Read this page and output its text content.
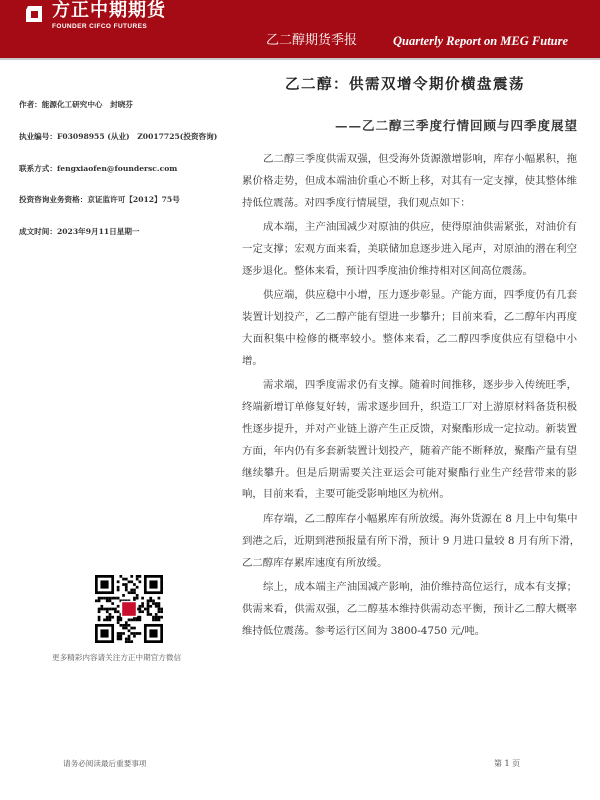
方正中期期货
FOUNDER CIFCO FUTURES
乙二醇期货季报	Quarterly Report on MEG Future
乙二醇：供需双增令期价横盘震荡
——乙二醇三季度行情回顾与四季度展望
作者：能源化工研究中心　封晓芬
执业编号：F03098955 (从业)　Z0017725(投资咨询)
联系方式：fengxiaofen@foundersc.com
投资咨询业务资格：京证监许可【2012】75号
成文时间：2023年9月11日星期一
乙二醇三季度供需双强，但受海外货源激增影响，库存小幅累积，拖
累价格走势，但成本端油价重心不断上移，对其有一定支撑，使其整体维
持低位震荡。对四季度行情展望，我们观点如下：
成本端，主产油国减少对原油的供应，使得原油供需紧张，对油价有
一定支撑；宏观方面来看，美联储加息逐步进入尾声，对原油的潜在利空
逐步退化。整体来看，预计四季度油价维持相对区间高位震荡。
供应端，供应稳中小增，压力逐步彰显。产能方面，四季度仍有几套
装置计划投产，乙二醇产能有望进一步攀升；目前来看，乙二醇年内再度
大面积集中检修的概率较小。整体来看，乙二醇四季度供应有望稳中小
增。
需求端，四季度需求仍有支撑。随着时间推移，逐步步入传统旺季，
终端新增订单修复好转，需求逐步回升，织造工厂对上游原材料备货积极
性逐步提升，并对产业链上游产生正反馈，对聚酯形成一定拉动。新装置
方面，年内仍有多套新装置计划投产，随着产能不断释放，聚酯产量有望
继续攀升。但是后期需要关注亚运会可能对聚酯行业生产经营带来的影
响，目前来看，主要可能受影响地区为杭州。
库存端，乙二醇库存小幅累库有所放缓。海外货源在 8 月上中旬集中
到港之后，近期到港预报量有所下滑，预计 9 月进口量较 8 月有所下滑，
乙二醇库存累库速度有所放缓。
综上，成本端主产油国减产影响，油价维持高位运行，成本有支撑；
供需来看，供需双强，乙二醇基本维持供需动态平衡，预计乙二醇大概率
维持低位震荡。参考运行区间为 3800-4750 元/吨。
更多精彩内容请关注方正中期官方微信
请务必阅读最后重要事项	第 1 页
